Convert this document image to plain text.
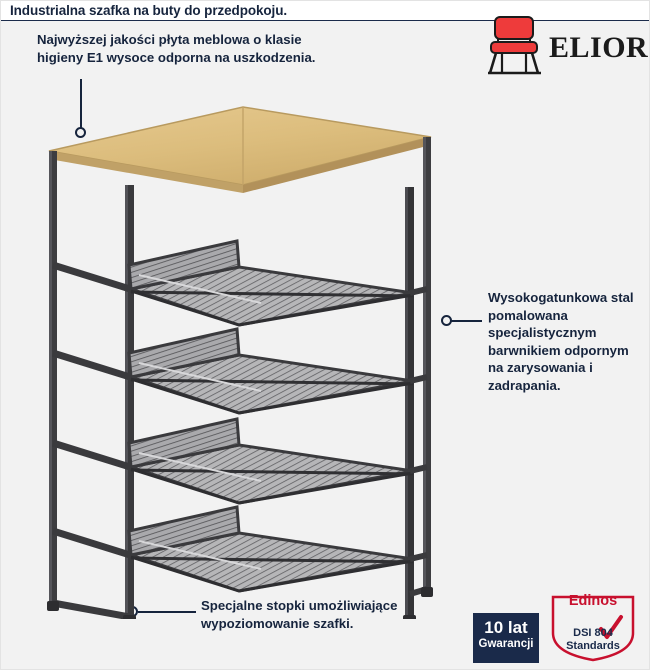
Industrialna szafka na buty do przedpokoju.
ELIOR
Najwyższej jakości płyta meblowa o klasie higieny E1 wysoce odporna na uszkodzenia.
Wysokogatunkowa stal pomalowana specjalistycznym barwnikiem odpornym na zarysowania i zadrapania.
Specjalne stopki umożliwiające wypoziomowanie szafki.	10 lat
Gwarancji
Edinos
DSI 804
Standards
